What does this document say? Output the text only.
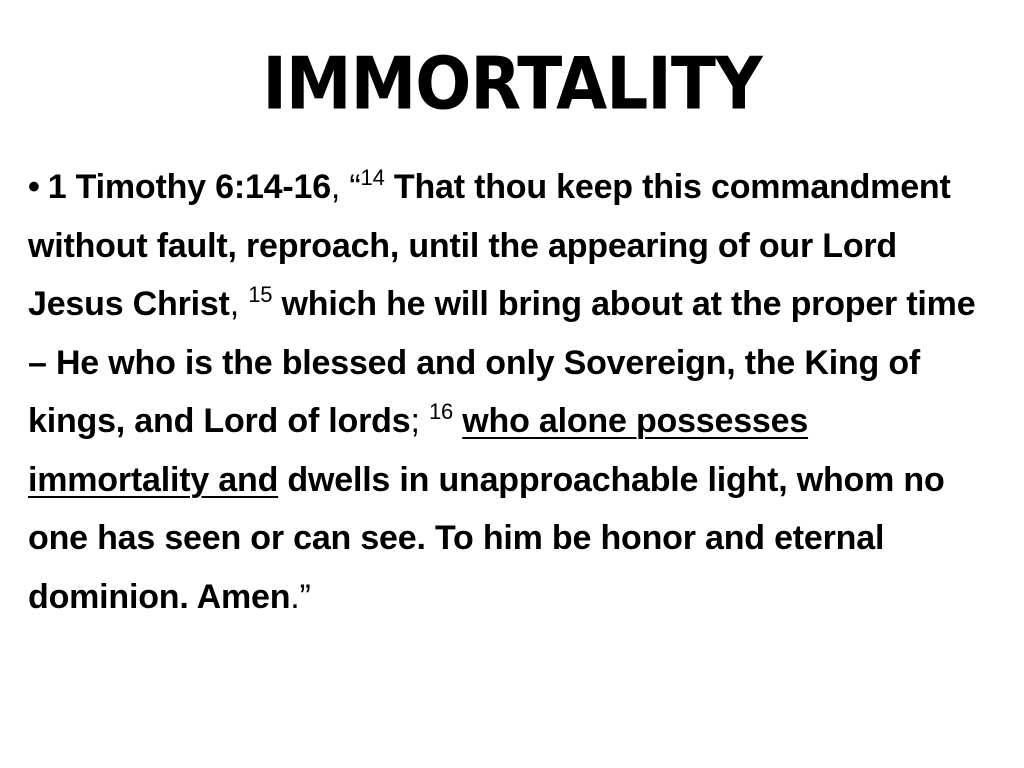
IMMORTALITY
• 1 Timothy 6:14-16, “$^{14}$ That thou keep this commandment without fault, reproach, until the appearing of our Lord Jesus Christ, $^{15}$ which he will bring about at the proper time – He who is the blessed and only Sovereign, the King of kings, and Lord of lords; $^{16}$ who alone possesses immortality and dwells in unapproachable light, whom no one has seen or can see. To him be honor and eternal dominion. Amen.”
